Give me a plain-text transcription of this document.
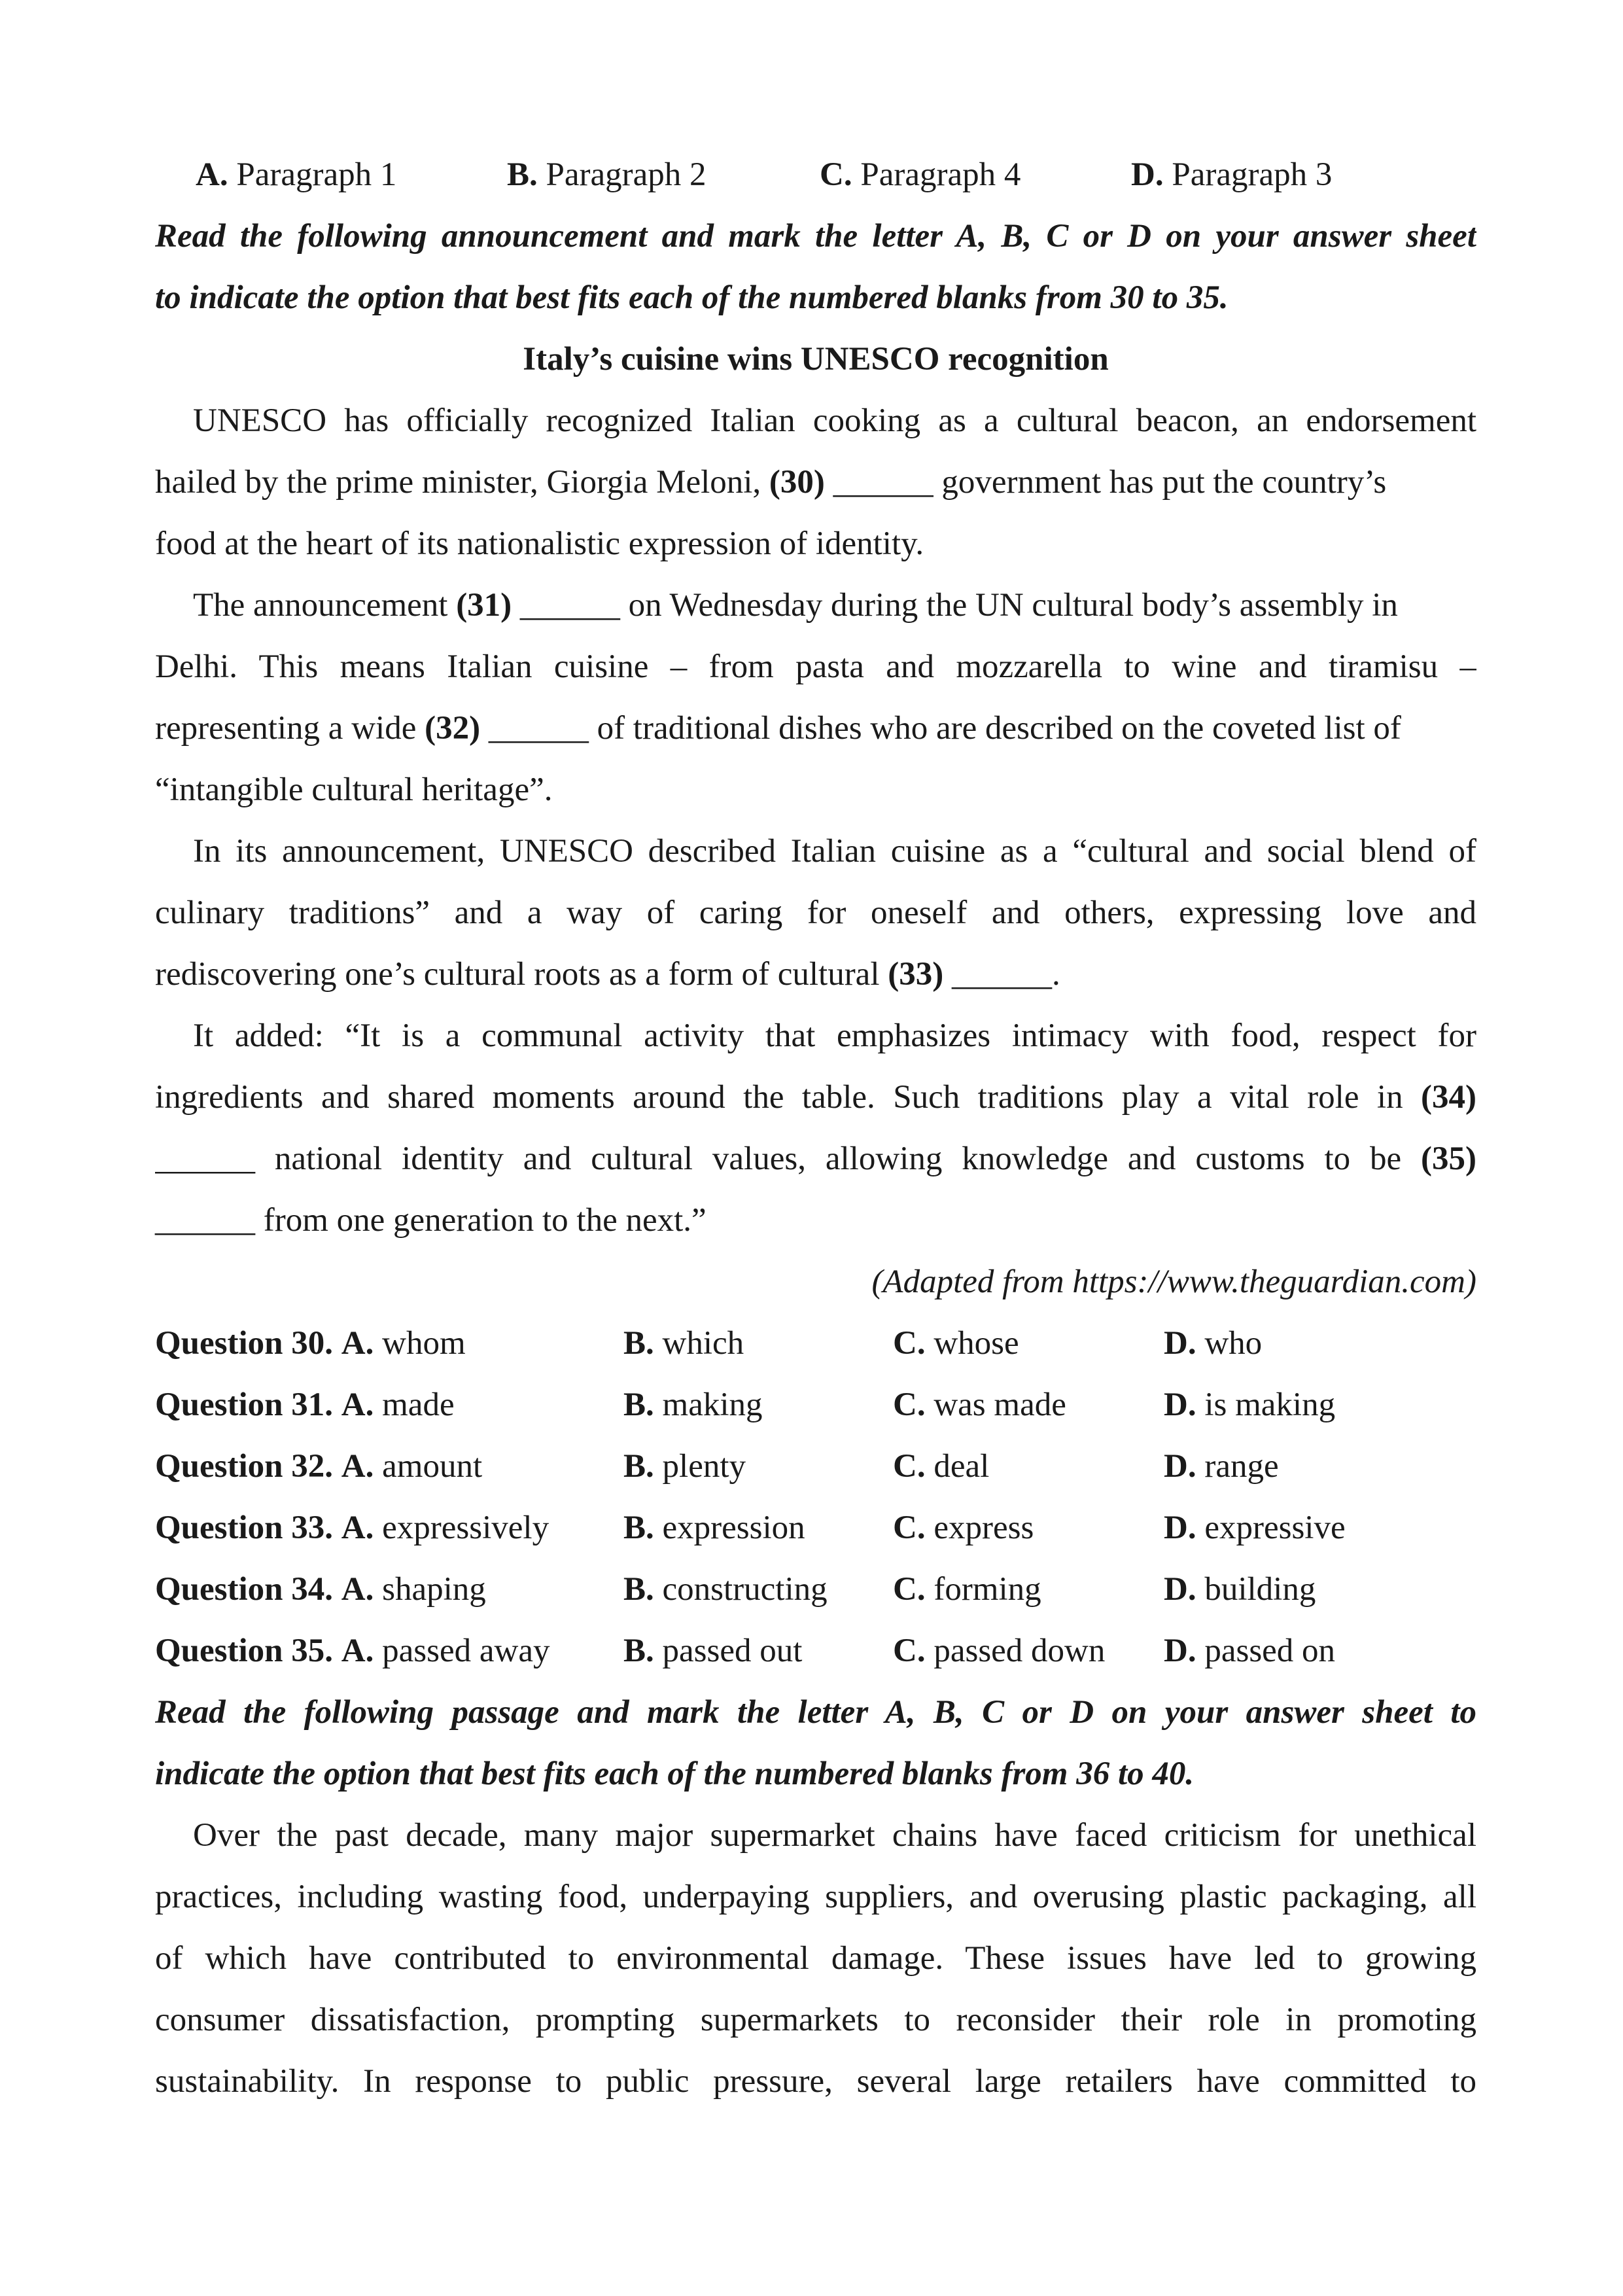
A. Paragraph 1	B. Paragraph 2	C. Paragraph 4	D. Paragraph 3
Read the following announcement and mark the letter A, B, C or D on your answer sheet
to indicate the option that best fits each of the numbered blanks from 30 to 35.
Italy’s cuisine wins UNESCO recognition
UNESCO has officially recognized Italian cooking as a cultural beacon, an endorsement
hailed by the prime minister, Giorgia Meloni, (30) ______ government has put the country’s
food at the heart of its nationalistic expression of identity.
The announcement (31) ______ on Wednesday during the UN cultural body’s assembly in
Delhi. This means Italian cuisine – from pasta and mozzarella to wine and tiramisu –
representing a wide (32) ______ of traditional dishes who are described on the coveted list of
“intangible cultural heritage”.
In its announcement, UNESCO described Italian cuisine as a “cultural and social blend of
culinary traditions” and a way of caring for oneself and others, expressing love and
rediscovering one’s cultural roots as a form of cultural (33) ______.
It added: “It is a communal activity that emphasizes intimacy with food, respect for
ingredients and shared moments around the table. Such traditions play a vital role in (34)
______ national identity and cultural values, allowing knowledge and customs to be (35)
______ from one generation to the next.”
(Adapted from https://www.theguardian.com)
Question 30. A. whom	B. which	C. whose	D. who
Question 31. A. made	B. making	C. was made	D. is making
Question 32. A. amount	B. plenty	C. deal	D. range
Question 33. A. expressively B. expression	C. express	D. expressive
Question 34. A. shaping	B. constructing C. forming	D. building
Question 35. A. passed away B. passed out	C. passed down D. passed on
Read the following passage and mark the letter A, B, C or D on your answer sheet to
indicate the option that best fits each of the numbered blanks from 36 to 40.
Over the past decade, many major supermarket chains have faced criticism for unethical
practices, including wasting food, underpaying suppliers, and overusing plastic packaging, all
of which have contributed to environmental damage. These issues have led to growing
consumer dissatisfaction, prompting supermarkets to reconsider their role in promoting
sustainability. In response to public pressure, several large retailers have committed to
